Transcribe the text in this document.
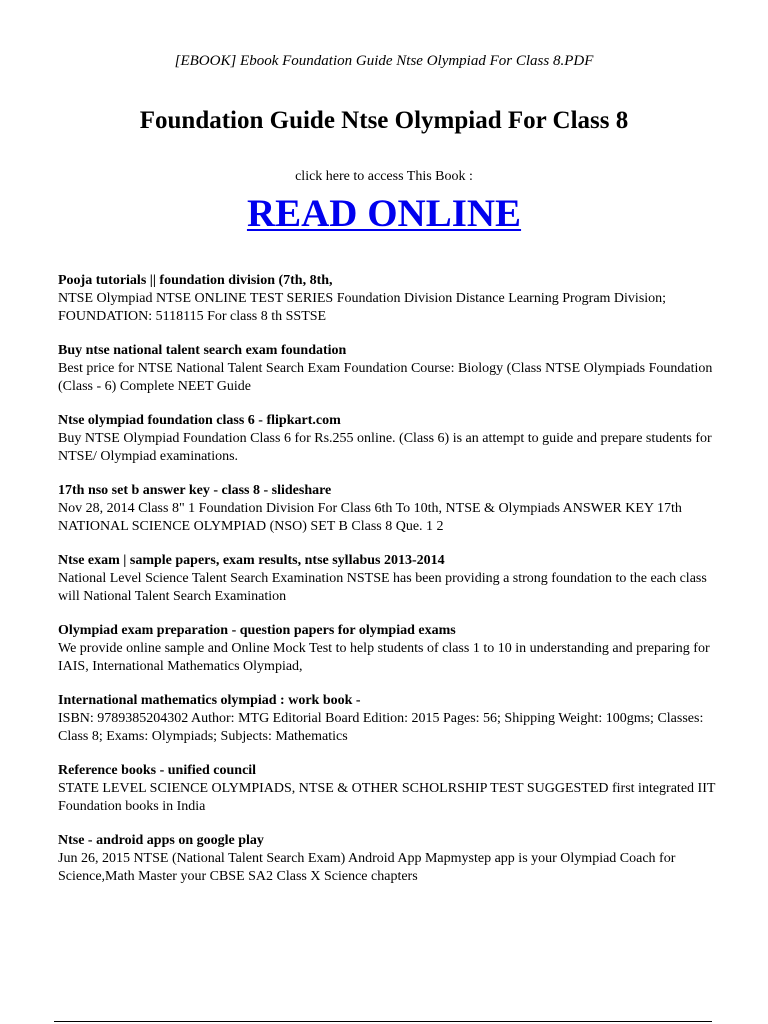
[EBOOK] Ebook Foundation Guide Ntse Olympiad For Class 8.PDF
Foundation Guide Ntse Olympiad For Class 8
click here to access This Book :
READ ONLINE
Pooja tutorials || foundation division (7th, 8th,
NTSE Olympiad NTSE ONLINE TEST SERIES Foundation Division Distance Learning Program Division; FOUNDATION: 5118115 For class 8 th SSTSE
Buy ntse national talent search exam foundation
Best price for NTSE National Talent Search Exam Foundation Course: Biology (Class NTSE Olympiads Foundation (Class - 6) Complete NEET Guide
Ntse olympiad foundation class 6 - flipkart.com
Buy NTSE Olympiad Foundation Class 6 for Rs.255 online. (Class 6) is an attempt to guide and prepare students for NTSE/ Olympiad examinations.
17th nso set b answer key - class 8 - slideshare
Nov 28, 2014 Class 8" 1 Foundation Division For Class 6th To 10th, NTSE & Olympiads ANSWER KEY 17th NATIONAL SCIENCE OLYMPIAD (NSO) SET B Class 8 Que. 1 2
Ntse exam | sample papers, exam results, ntse syllabus 2013-2014
National Level Science Talent Search Examination NSTSE has been providing a strong foundation to the each class will National Talent Search Examination
Olympiad exam preparation - question papers for olympiad exams
We provide online sample and Online Mock Test to help students of class 1 to 10 in understanding and preparing for IAIS, International Mathematics Olympiad,
International mathematics olympiad : work book -
ISBN: 9789385204302 Author: MTG Editorial Board Edition: 2015 Pages: 56; Shipping Weight: 100gms; Classes: Class 8; Exams: Olympiads; Subjects: Mathematics
Reference books - unified council
STATE LEVEL SCIENCE OLYMPIADS, NTSE & OTHER SCHOLRSHIP TEST SUGGESTED first integrated IIT Foundation books in India
Ntse - android apps on google play
Jun 26, 2015 NTSE (National Talent Search Exam) Android App Mapmystep app is your Olympiad Coach for Science,Math Master your CBSE SA2 Class X Science chapters
